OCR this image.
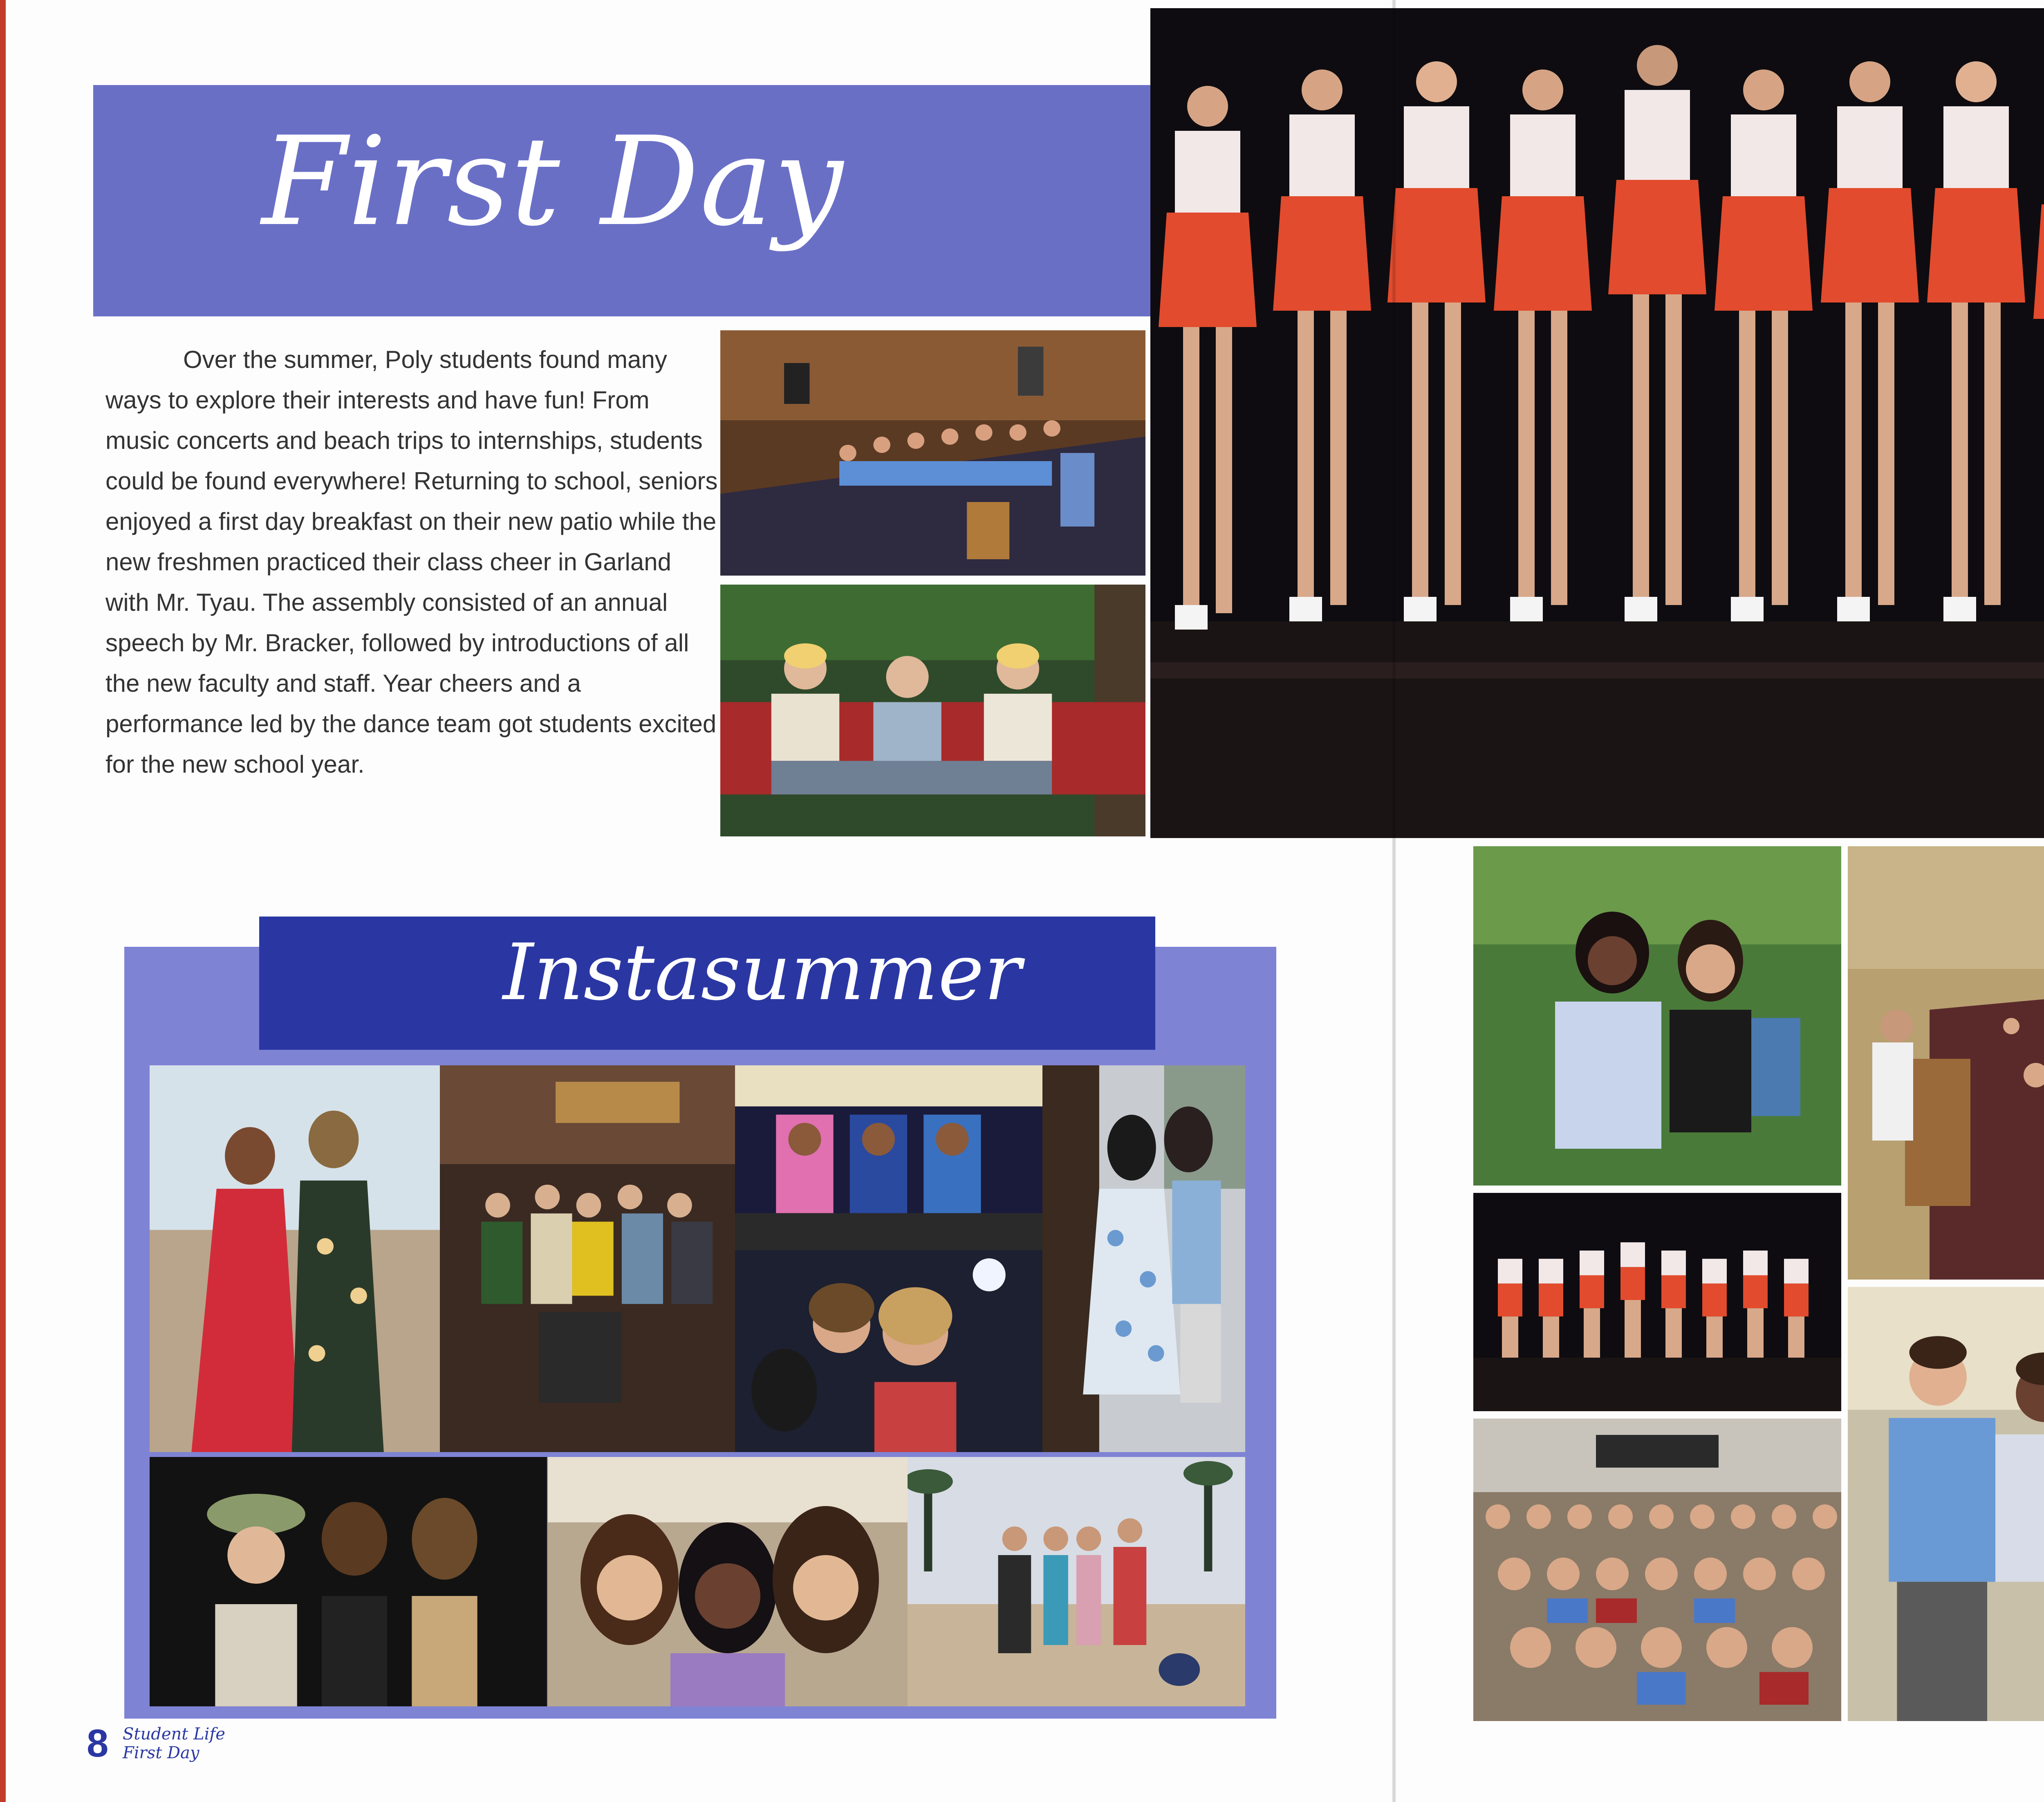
First Day

Over the summer, Poly students found many ways to explore their interests and have fun! From music concerts and beach trips to internships, students could be found everywhere! Returning to school, seniors enjoyed a first day breakfast on their new patio while the new freshmen practiced their class cheer in Garland with Mr. Tyau. The assembly consisted of an annual speech by Mr. Bracker, followed by introductions of all the new faculty and staff. Year cheers and a performance led by the dance team got students excited for the new school year.

Instasummer
8 Student Life
First Day
